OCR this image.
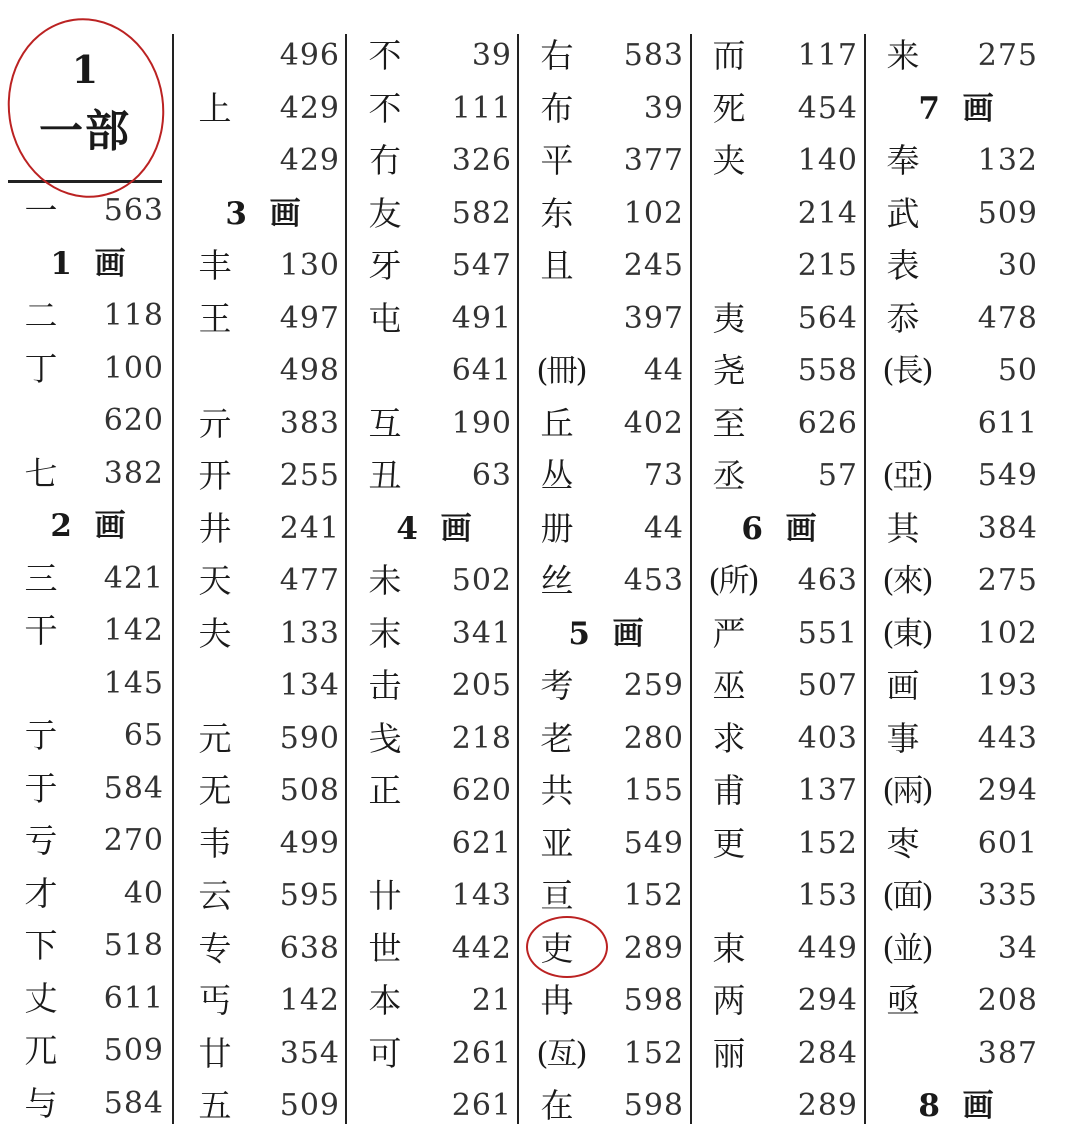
1
一部
一	563
1 画
二	118
丁	100
620
七	382
2 画
三	421
干	142
145
亍	65
于	584
亏	270
才	40
下	518
丈	611
兀	509
与	584
496
上	429
429
3 画
丰	130
王	497
498
亓	383
开	255
井	241
天	477
夫	133
134
元	590
无	508
韦	499
云	595
专	638
丐	142
廿	354
五	509
不	39
不	111
冇	326
友	582
牙	547
屯	491
641
互	190
丑	63
4 画
未	502
末	341
击	205
戋	218
正	620
621
卄	143
世	442
本	21
可	261
261
右	583
布	39
平	377
东	102
且	245
397
(冊)	44
丘	402
丛	73
册	44
丝	453
5 画
考	259
老	280
共	155
亚	549
亘	152
吏	289
冉	598
(亙)	152
在	598
而	117
死	454
夹	140
214
215
夷	564
尧	558
至	626
丞	57
6 画
(所)	463
严	551
巫	507
求	403
甫	137
更	152
153
束	449
两	294
丽	284
289
来	275
7 画
奉	132
武	509
表	30
忝	478
(長)	50
611
(亞)	549
其	384
(來)	275
(東)	102
画	193
事	443
(兩)	294
枣	601
(面)	335
(並)	34
亟	208
387
8 画
